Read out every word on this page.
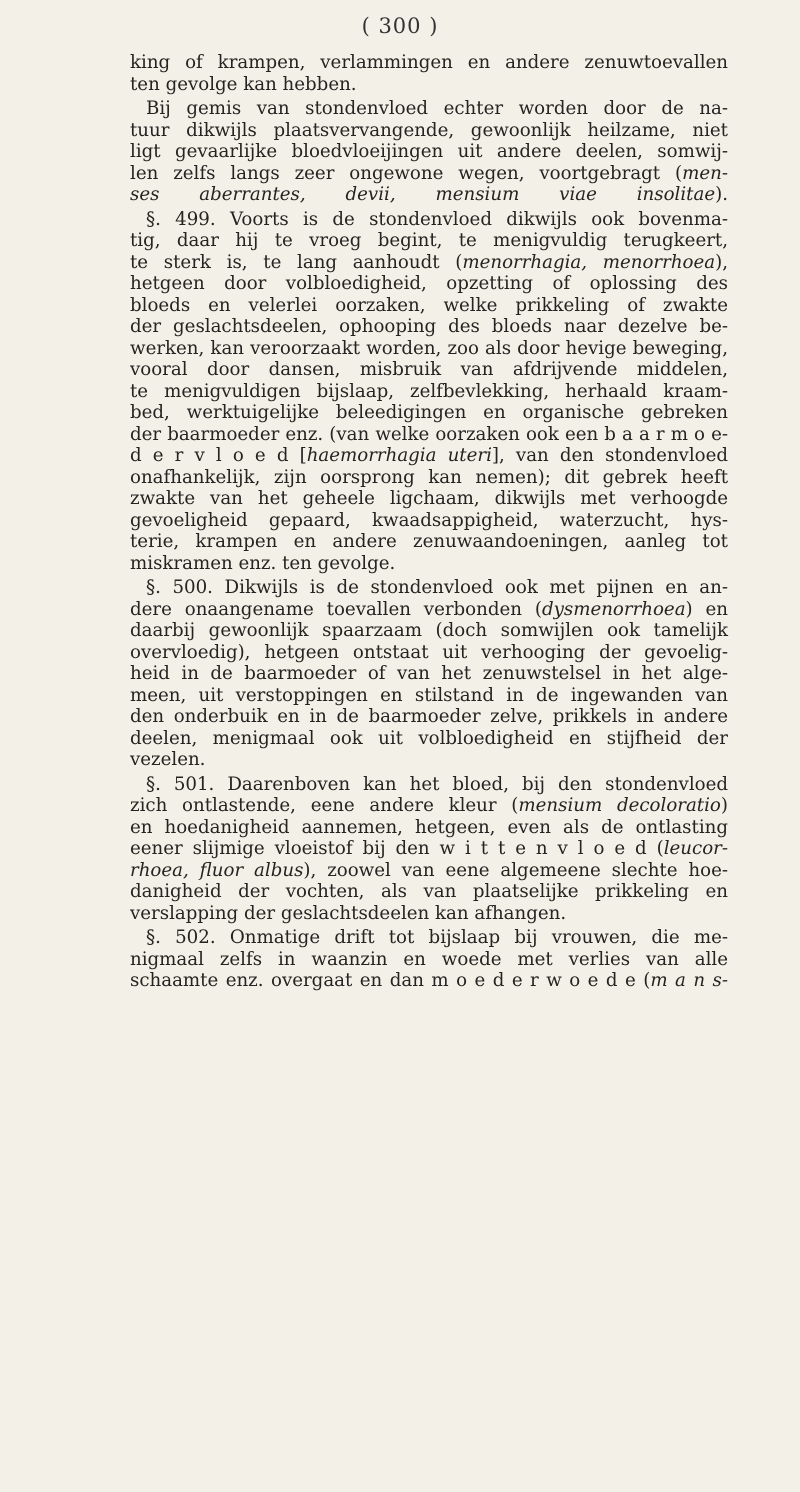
( 300 )
king of krampen, verlammingen en andere zenuwtoevallen
ten gevolge kan hebben.
Bij gemis van stondenvloed echter worden door de na-
tuur dikwijls plaatsvervangende, gewoonlijk heilzame, niet
ligt gevaarlijke bloedvloeijingen uit andere deelen, somwij-
len zelfs langs zeer ongewone wegen, voortgebragt (men-
ses aberrantes, devii, mensium viae insolitae).
§. 499. Voorts is de stondenvloed dikwijls ook bovenma-
tig, daar hij te vroeg begint, te menigvuldig terugkeert,
te sterk is, te lang aanhoudt (menorrhagia, menorrhoea),
hetgeen door volbloedigheid, opzetting of oplossing des
bloeds en velerlei oorzaken, welke prikkeling of zwakte
der geslachtsdeelen, ophooping des bloeds naar dezelve be-
werken, kan veroorzaakt worden, zoo als door hevige beweging,
vooral door dansen, misbruik van afdrijvende middelen,
te menigvuldigen bijslaap, zelfbevlekking, herhaald kraam-
bed, werktuigelijke beleedigingen en organische gebreken
der baarmoeder enz. (van welke oorzaken ook een b a a r m o e-
d e r v l o e d [haemorrhagia uteri], van den stondenvloed
onafhankelijk, zijn oorsprong kan nemen); dit gebrek heeft
zwakte van het geheele ligchaam, dikwijls met verhoogde
gevoeligheid gepaard, kwaadsappigheid, waterzucht, hys-
terie, krampen en andere zenuwaandoeningen, aanleg tot
miskramen enz. ten gevolge.
§. 500. Dikwijls is de stondenvloed ook met pijnen en an-
dere onaangename toevallen verbonden (dysmenorrhoea) en
daarbij gewoonlijk spaarzaam (doch somwijlen ook tamelijk
overvloedig), hetgeen ontstaat uit verhooging der gevoelig-
heid in de baarmoeder of van het zenuwstelsel in het alge-
meen, uit verstoppingen en stilstand in de ingewanden van
den onderbuik en in de baarmoeder zelve, prikkels in andere
deelen, menigmaal ook uit volbloedigheid en stijfheid der
vezelen.
§. 501. Daarenboven kan het bloed, bij den stondenvloed
zich ontlastende, eene andere kleur (mensium decoloratio)
en hoedanigheid aannemen, hetgeen, even als de ontlasting
eener slijmige vloeistof bij den w i t t e n v l o e d (leucor-
rhoea, fluor albus), zoowel van eene algemeene slechte hoe-
danigheid der vochten, als van plaatselijke prikkeling en
verslapping der geslachtsdeelen kan afhangen.
§. 502. Onmatige drift tot bijslaap bij vrouwen, die me-
nigmaal zelfs in waanzin en woede met verlies van alle
schaamte enz. overgaat en dan m o e d e r w o e d e (m a n s-
